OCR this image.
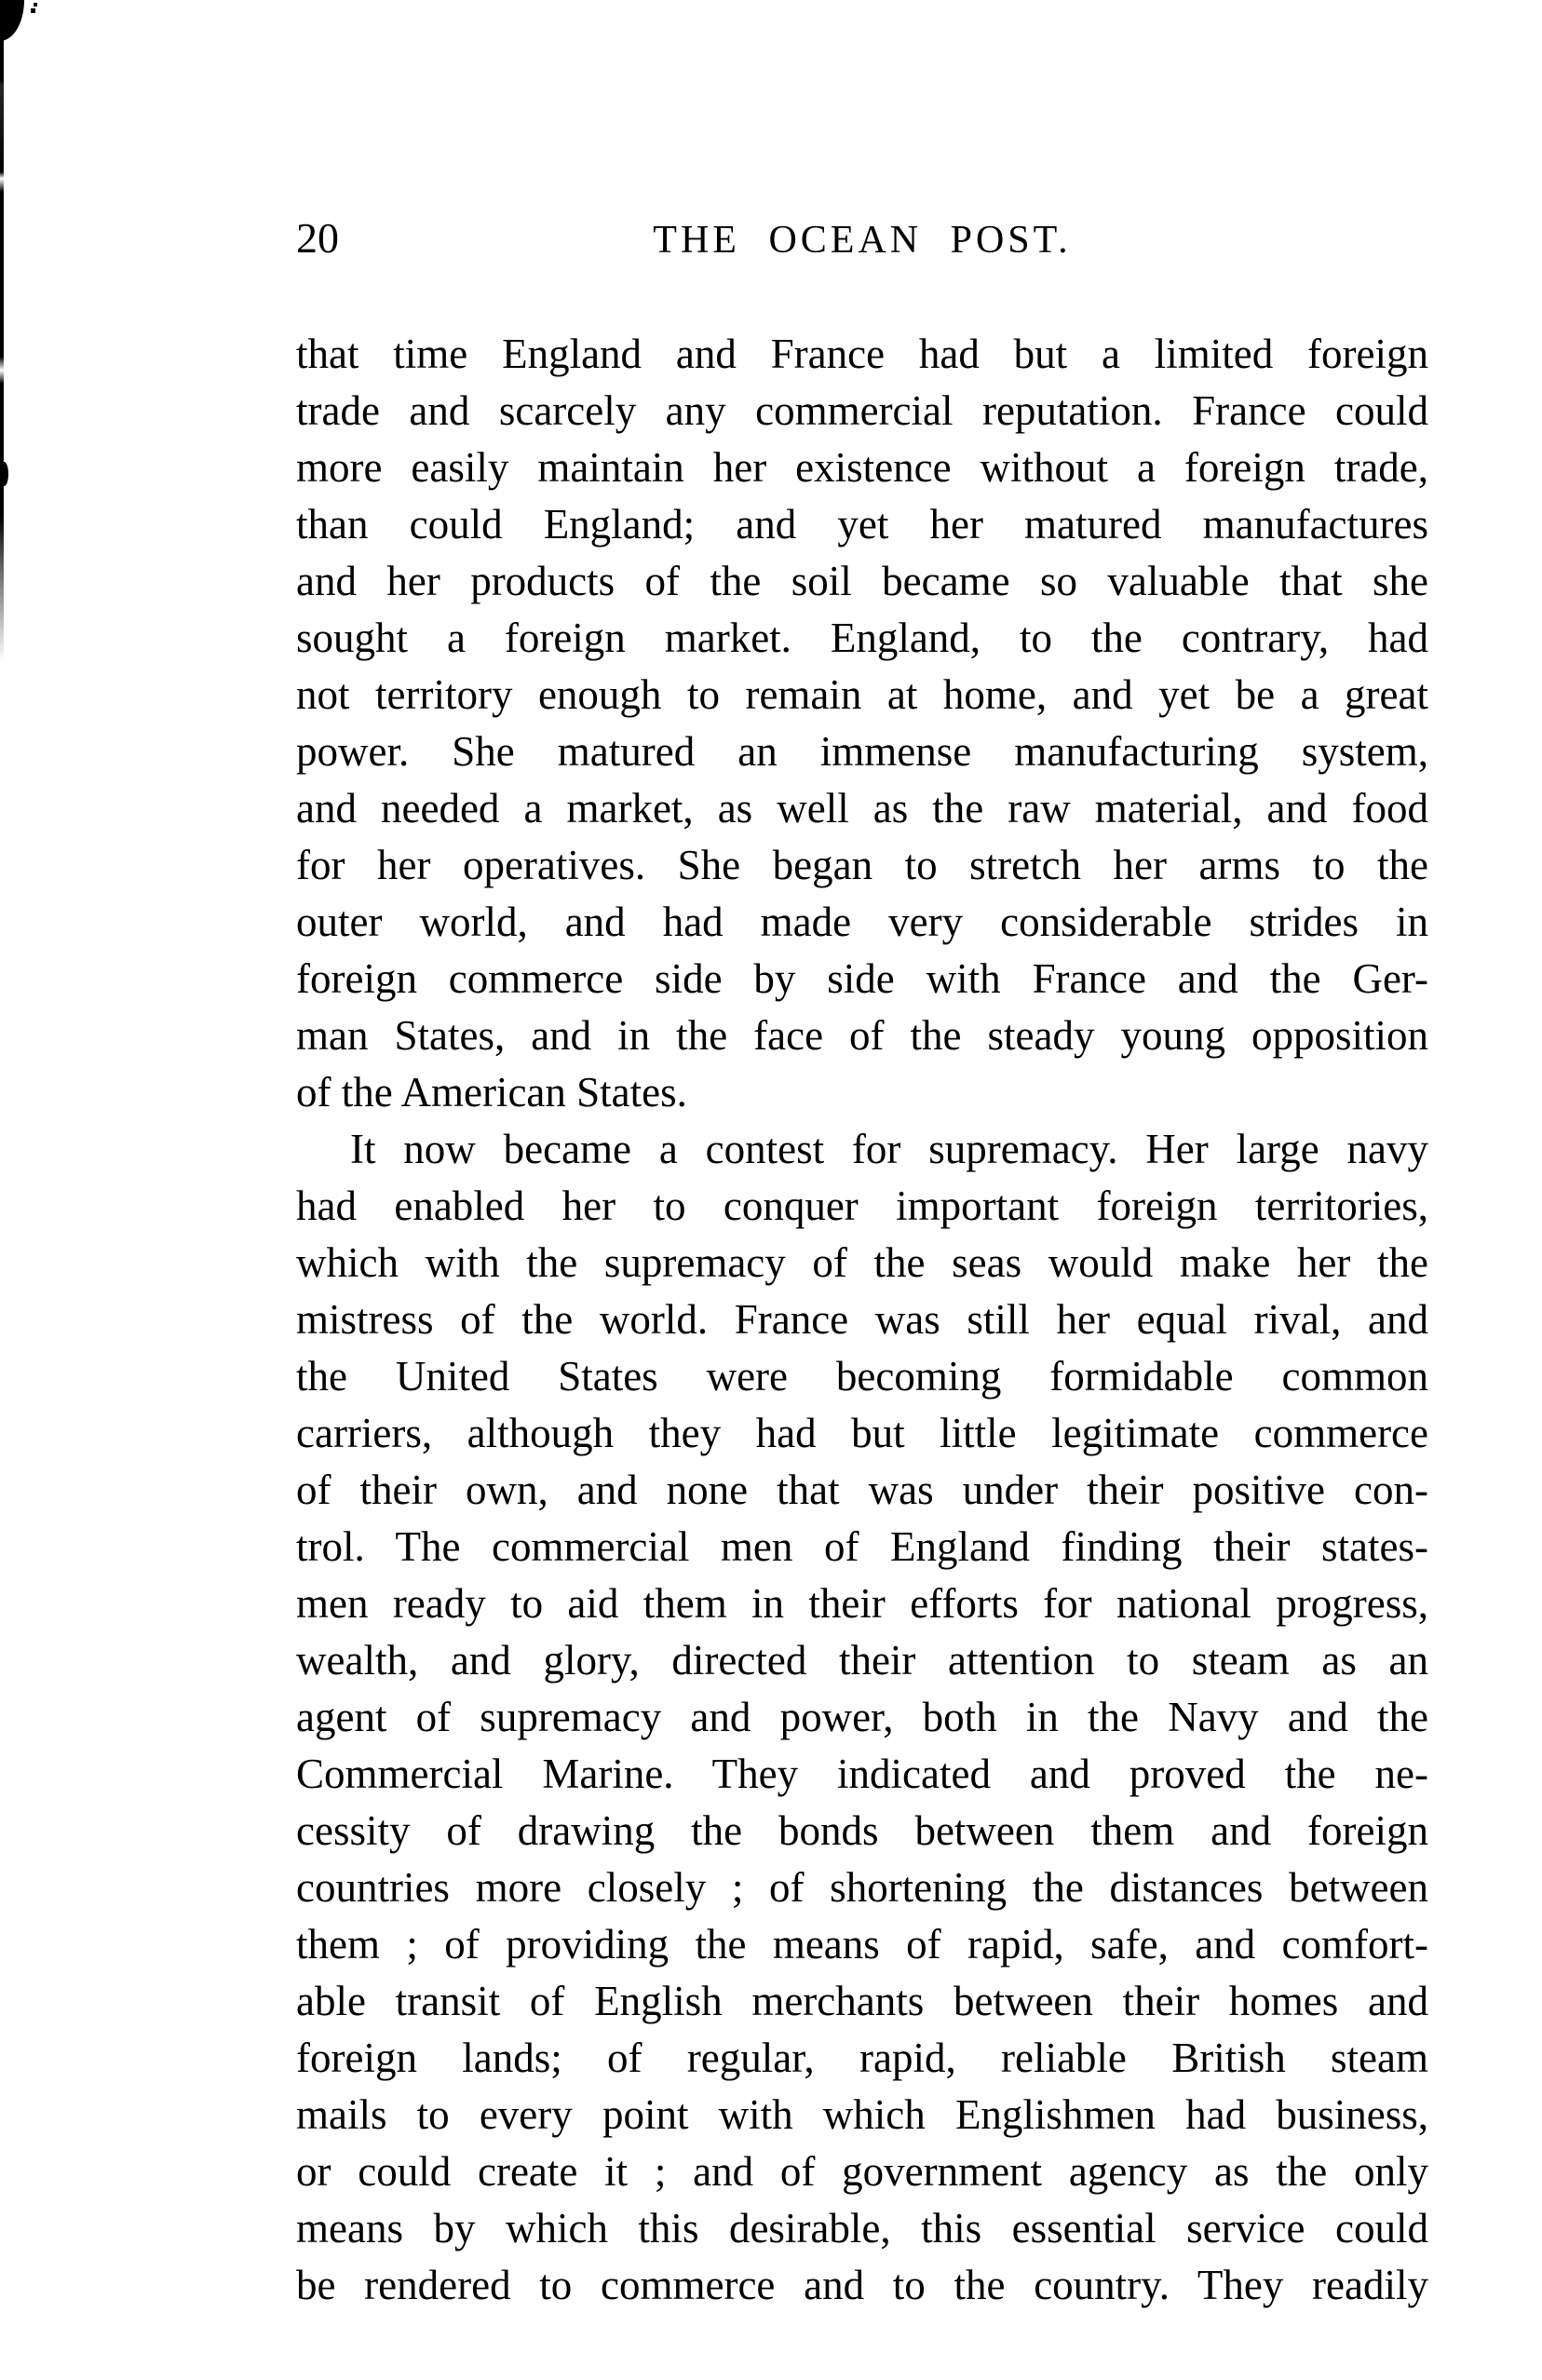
20	THE OCEAN POST.
that time England and France had but a limited foreign
trade and scarcely any commercial reputation. France could
more easily maintain her existence without a foreign trade,
than could England; and yet her matured manufactures
and her products of the soil became so valuable that she
sought a foreign market. England, to the contrary, had
not territory enough to remain at home, and yet be a great
power. She matured an immense manufacturing system,
and needed a market, as well as the raw material, and food
for her operatives. She began to stretch her arms to the
outer world, and had made very considerable strides in
foreign commerce side by side with France and the Ger-
man States, and in the face of the steady young opposition
of the American States.
It now became a contest for supremacy. Her large navy
had enabled her to conquer important foreign territories,
which with the supremacy of the seas would make her the
mistress of the world. France was still her equal rival, and
the United States were becoming formidable common
carriers, although they had but little legitimate commerce
of their own, and none that was under their positive con-
trol. The commercial men of England finding their states-
men ready to aid them in their efforts for national progress,
wealth, and glory, directed their attention to steam as an
agent of supremacy and power, both in the Navy and the
Commercial Marine. They indicated and proved the ne-
cessity of drawing the bonds between them and foreign
countries more closely ; of shortening the distances between
them ; of providing the means of rapid, safe, and comfort-
able transit of English merchants between their homes and
foreign lands; of regular, rapid, reliable British steam
mails to every point with which Englishmen had business,
or could create it ; and of government agency as the only
means by which this desirable, this essential service could
be rendered to commerce and to the country. They readily
